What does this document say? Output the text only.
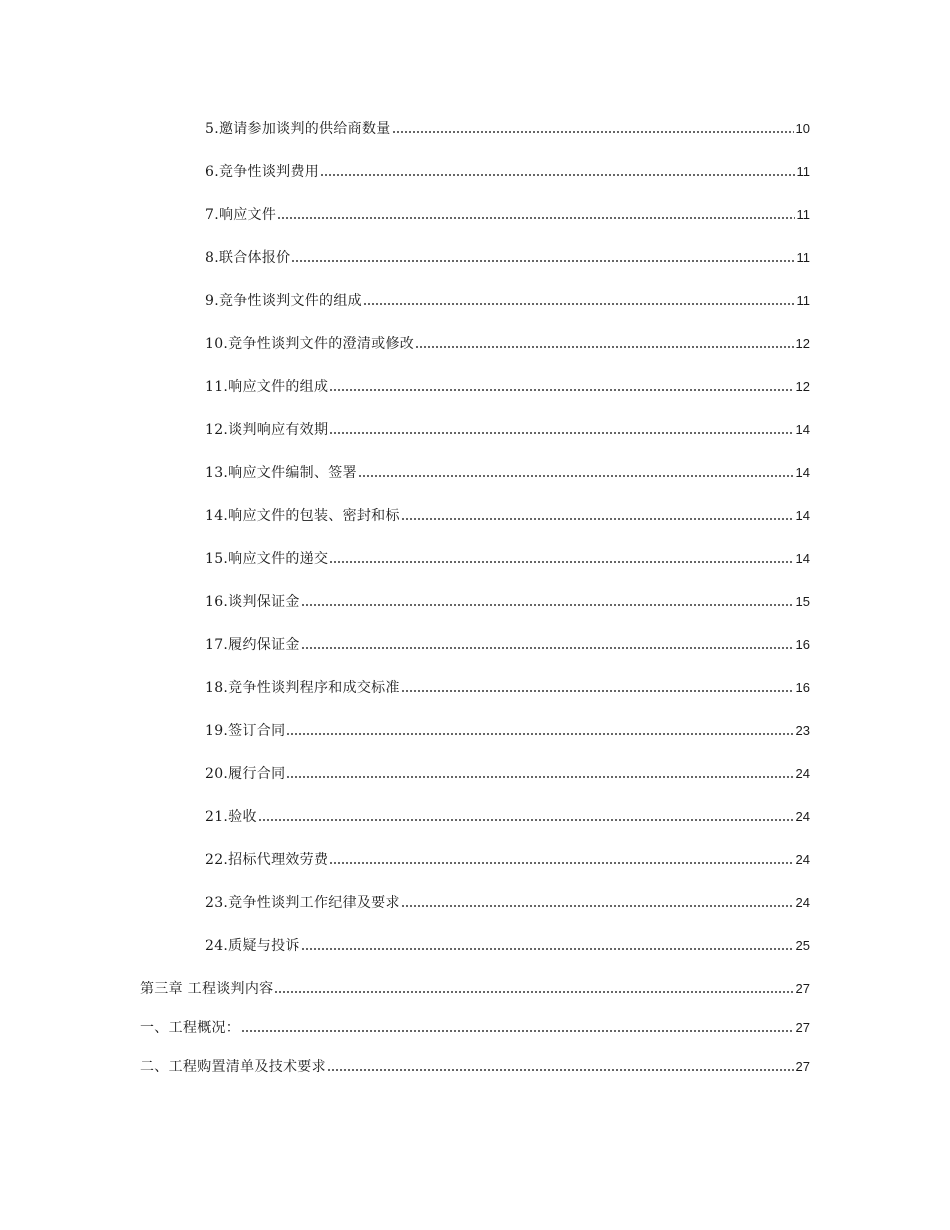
5.邀请参加谈判的供给商数量	10
6.竞争性谈判费用	11
7.响应文件	11
8.联合体报价	11
9.竞争性谈判文件的组成	11
10.竞争性谈判文件的澄清或修改	12
11.响应文件的组成	12
12.谈判响应有效期	14
13.响应文件编制、签署	14
14.响应文件的包装、密封和标	14
15.响应文件的递交	14
16.谈判保证金	15
17.履约保证金	16
18.竞争性谈判程序和成交标准	16
19.签订合同	23
20.履行合同	24
21.验收	24
22.招标代理效劳费	24
23.竞争性谈判工作纪律及要求	24
24.质疑与投诉	25
第三章 工程谈判内容	27
一、工程概况：	27
二、工程购置清单及技术要求	27
